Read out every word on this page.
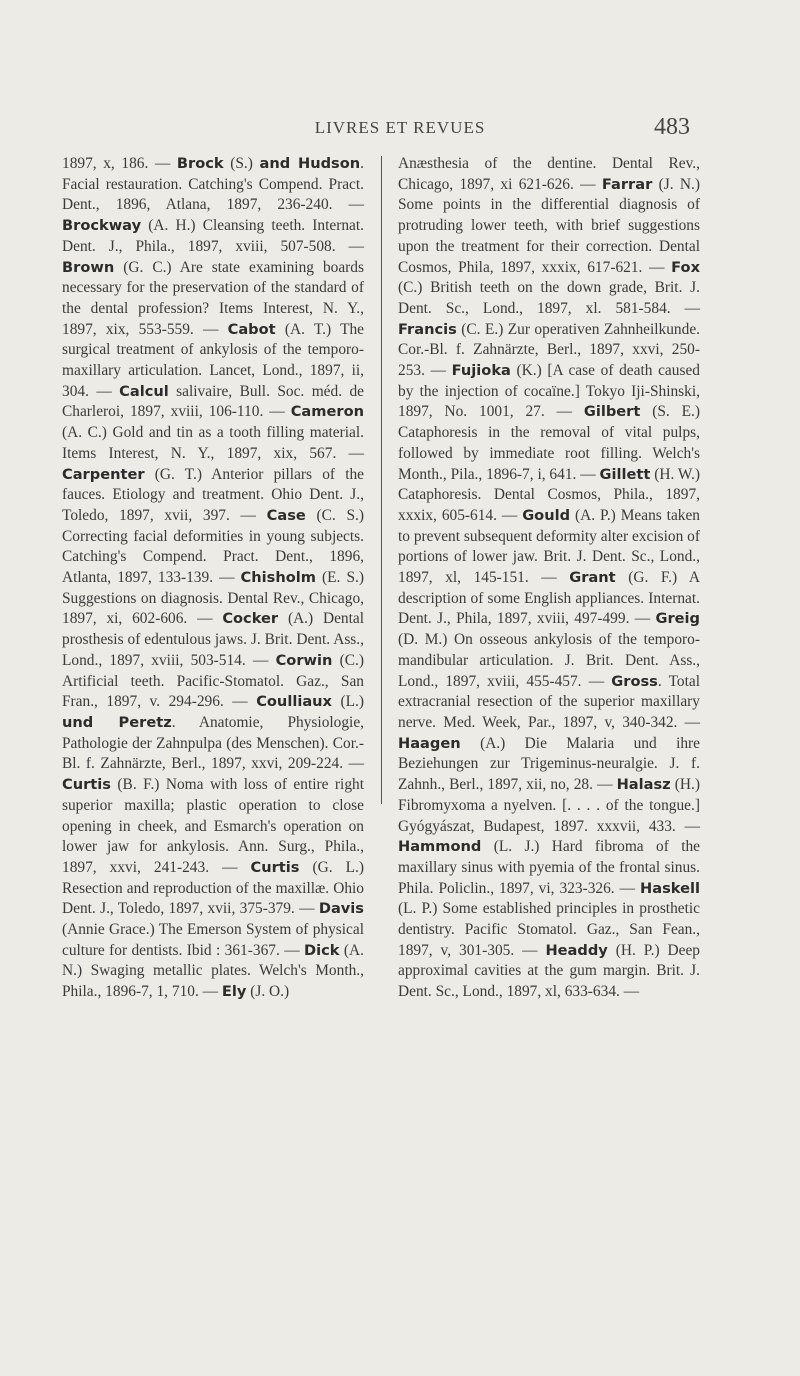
LIVRES ET REVUES	483
1897, x, 186. — Brock (S.) and Hudson. Facial restauration. Catching's Compend. Pract. Dent., 1896, Atlana, 1897, 236-240. — Brockway (A. H.) Cleansing teeth. Internat. Dent. J., Phila., 1897, xviii, 507-508. — Brown (G. C.) Are state examining boards necessary for the preservation of the standard of the dental profession? Items Interest, N. Y., 1897, xix, 553-559. — Cabot (A. T.) The surgical treatment of ankylosis of the temporo-maxillary articulation. Lancet, Lond., 1897, ii, 304. — Calcul salivaire, Bull. Soc. méd. de Charleroi, 1897, xviii, 106-110. — Cameron (A. C.) Gold and tin as a tooth filling material. Items Interest, N. Y., 1897, xix, 567. — Carpenter (G. T.) Anterior pillars of the fauces. Etiology and treatment. Ohio Dent. J., Toledo, 1897, xvii, 397. — Case (C. S.) Correcting facial deformities in young subjects. Catching's Compend. Pract. Dent., 1896, Atlanta, 1897, 133-139. — Chisholm (E. S.) Suggestions on diagnosis. Dental Rev., Chicago, 1897, xi, 602-606. — Cocker (A.) Dental prosthesis of edentulous jaws. J. Brit. Dent. Ass., Lond., 1897, xviii, 503-514. — Corwin (C.) Artificial teeth. Pacific-Stomatol. Gaz., San Fran., 1897, v. 294-296. — Coulliaux (L.) und Peretz. Anatomie, Physiologie, Pathologie der Zahnpulpa (des Menschen). Cor.-Bl. f. Zahnärzte, Berl., 1897, xxvi, 209-224. — Curtis (B. F.) Noma with loss of entire right superior maxilla; plastic operation to close opening in cheek, and Esmarch's operation on lower jaw for ankylosis. Ann. Surg., Phila., 1897, xxvi, 241-243. — Curtis (G. L.) Resection and reproduction of the maxillæ. Ohio Dent. J., Toledo, 1897, xvii, 375-379. — Davis (Annie Grace.) The Emerson System of physical culture for dentists. Ibid : 361-367. — Dick (A. N.) Swaging metallic plates. Welch's Month., Phila., 1896-7, 1, 710. — Ely (J. O.)
Anæsthesia of the dentine. Dental Rev., Chicago, 1897, xi 621-626. — Farrar (J. N.) Some points in the differential diagnosis of protruding lower teeth, with brief suggestions upon the treatment for their correction. Dental Cosmos, Phila, 1897, xxxix, 617-621. — Fox (C.) British teeth on the down grade, Brit. J. Dent. Sc., Lond., 1897, xl. 581-584. — Francis (C. E.) Zur operativen Zahnheilkunde. Cor.-Bl. f. Zahnärzte, Berl., 1897, xxvi, 250-253. — Fujioka (K.) [A case of death caused by the injection of cocaïne.] Tokyo Iji-Shinski, 1897, No. 1001, 27. — Gilbert (S. E.) Cataphoresis in the removal of vital pulps, followed by immediate root filling. Welch's Month., Pila., 1896-7, i, 641. — Gillett (H. W.) Cataphoresis. Dental Cosmos, Phila., 1897, xxxix, 605-614. — Gould (A. P.) Means taken to prevent subsequent deformity alter excision of portions of lower jaw. Brit. J. Dent. Sc., Lond., 1897, xl, 145-151. — Grant (G. F.) A description of some English appliances. Internat. Dent. J., Phila, 1897, xviii, 497-499. — Greig (D. M.) On osseous ankylosis of the temporo-mandibular articulation. J. Brit. Dent. Ass., Lond., 1897, xviii, 455-457. — Gross. Total extracranial resection of the superior maxillary nerve. Med. Week, Par., 1897, v, 340-342. — Haagen (A.) Die Malaria und ihre Beziehungen zur Trigeminus-neuralgie. J. f. Zahnh., Berl., 1897, xii, no, 28. — Halasz (H.) Fibromyxoma a nyelven. [. . . . of the tongue.] Gyógyászat, Budapest, 1897. xxxvii, 433. — Hammond (L. J.) Hard fibroma of the maxillary sinus with pyemia of the frontal sinus. Phila. Policlin., 1897, vi, 323-326. — Haskell (L. P.) Some established principles in prosthetic dentistry. Pacific Stomatol. Gaz., San Fean., 1897, v, 301-305. — Headdy (H. P.) Deep approximal cavities at the gum margin. Brit. J. Dent. Sc., Lond., 1897, xl, 633-634. —
